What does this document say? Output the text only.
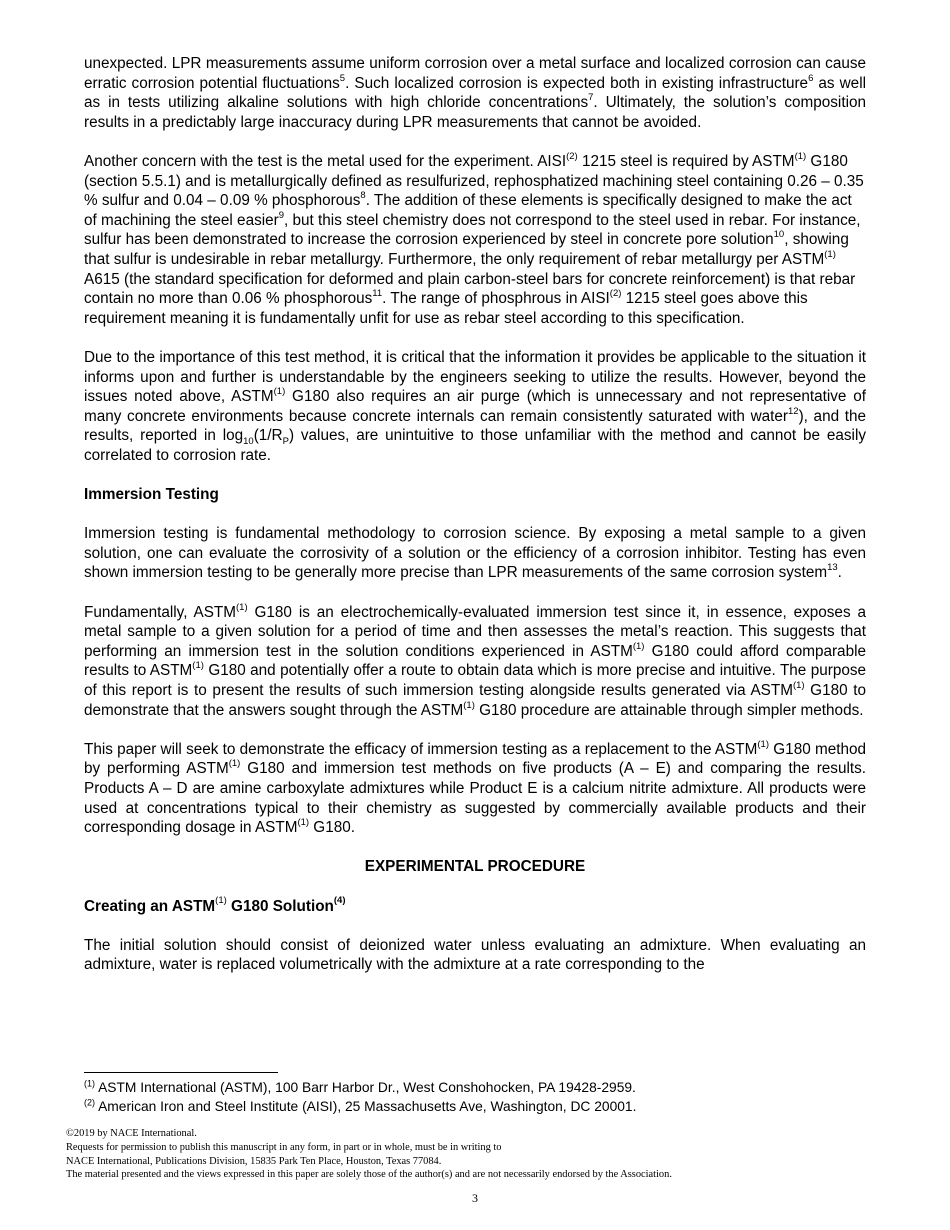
unexpected. LPR measurements assume uniform corrosion over a metal surface and localized corrosion can cause erratic corrosion potential fluctuations$^5$. Such localized corrosion is expected both in existing infrastructure$^6$ as well as in tests utilizing alkaline solutions with high chloride concentrations$^7$. Ultimately, the solution’s composition results in a predictably large inaccuracy during LPR measurements that cannot be avoided.

Another concern with the test is the metal used for the experiment. AISI$^{(2)}$ 1215 steel is required by ASTM$^{(1)}$ G180 (section 5.5.1) and is metallurgically defined as resulfurized, rephosphatized machining steel containing 0.26 – 0.35 % sulfur and 0.04 – 0.09 % phosphorous$^8$. The addition of these elements is specifically designed to make the act of machining the steel easier$^9$, but this steel chemistry does not correspond to the steel used in rebar. For instance, sulfur has been demonstrated to increase the corrosion experienced by steel in concrete pore solution$^{10}$, showing that sulfur is undesirable in rebar metallurgy. Furthermore, the only requirement of rebar metallurgy per ASTM$^{(1)}$ A615 (the standard specification for deformed and plain carbon-steel bars for concrete reinforcement) is that rebar contain no more than 0.06 % phosphorous$^{11}$. The range of phosphrous in AISI$^{(2)}$ 1215 steel goes above this requirement meaning it is fundamentally unfit for use as rebar steel according to this specification.

Due to the importance of this test method, it is critical that the information it provides be applicable to the situation it informs upon and further is understandable by the engineers seeking to utilize the results. However, beyond the issues noted above, ASTM$^{(1)}$ G180 also requires an air purge (which is unnecessary and not representative of many concrete environments because concrete internals can remain consistently saturated with water$^{12}$), and the results, reported in $\log_{10}(1/R_P)$ values, are unintuitive to those unfamiliar with the method and cannot be easily correlated to corrosion rate.

Immersion Testing

Immersion testing is fundamental methodology to corrosion science. By exposing a metal sample to a given solution, one can evaluate the corrosivity of a solution or the efficiency of a corrosion inhibitor. Testing has even shown immersion testing to be generally more precise than LPR measurements of the same corrosion system$^{13}$.

Fundamentally, ASTM$^{(1)}$ G180 is an electrochemically-evaluated immersion test since it, in essence, exposes a metal sample to a given solution for a period of time and then assesses the metal’s reaction. This suggests that performing an immersion test in the solution conditions experienced in ASTM$^{(1)}$ G180 could afford comparable results to ASTM$^{(1)}$ G180 and potentially offer a route to obtain data which is more precise and intuitive. The purpose of this report is to present the results of such immersion testing alongside results generated via ASTM$^{(1)}$ G180 to demonstrate that the answers sought through the ASTM$^{(1)}$ G180 procedure are attainable through simpler methods.

This paper will seek to demonstrate the efficacy of immersion testing as a replacement to the ASTM$^{(1)}$ G180 method by performing ASTM$^{(1)}$ G180 and immersion test methods on five products (A – E) and comparing the results. Products A – D are amine carboxylate admixtures while Product E is a calcium nitrite admixture. All products were used at concentrations typical to their chemistry as suggested by commercially available products and their corresponding dosage in ASTM$^{(1)}$ G180.

EXPERIMENTAL PROCEDURE
Creating an ASTM$^{(1)}$ G180 Solution$^{(4)}$

The initial solution should consist of deionized water unless evaluating an admixture. When evaluating an admixture, water is replaced volumetrically with the admixture at a rate corresponding to the

$^{(1)}$ ASTM International (ASTM), 100 Barr Harbor Dr., West Conshohocken, PA 19428-2959.
$^{(2)}$ American Iron and Steel Institute (AISI), 25 Massachusetts Ave, Washington, DC 20001.
©2019 by NACE International.
Requests for permission to publish this manuscript in any form, in part or in whole, must be in writing to
NACE International, Publications Division, 15835 Park Ten Place, Houston, Texas 77084.
The material presented and the views expressed in this paper are solely those of the author(s) and are not necessarily endorsed by the Association.
3
